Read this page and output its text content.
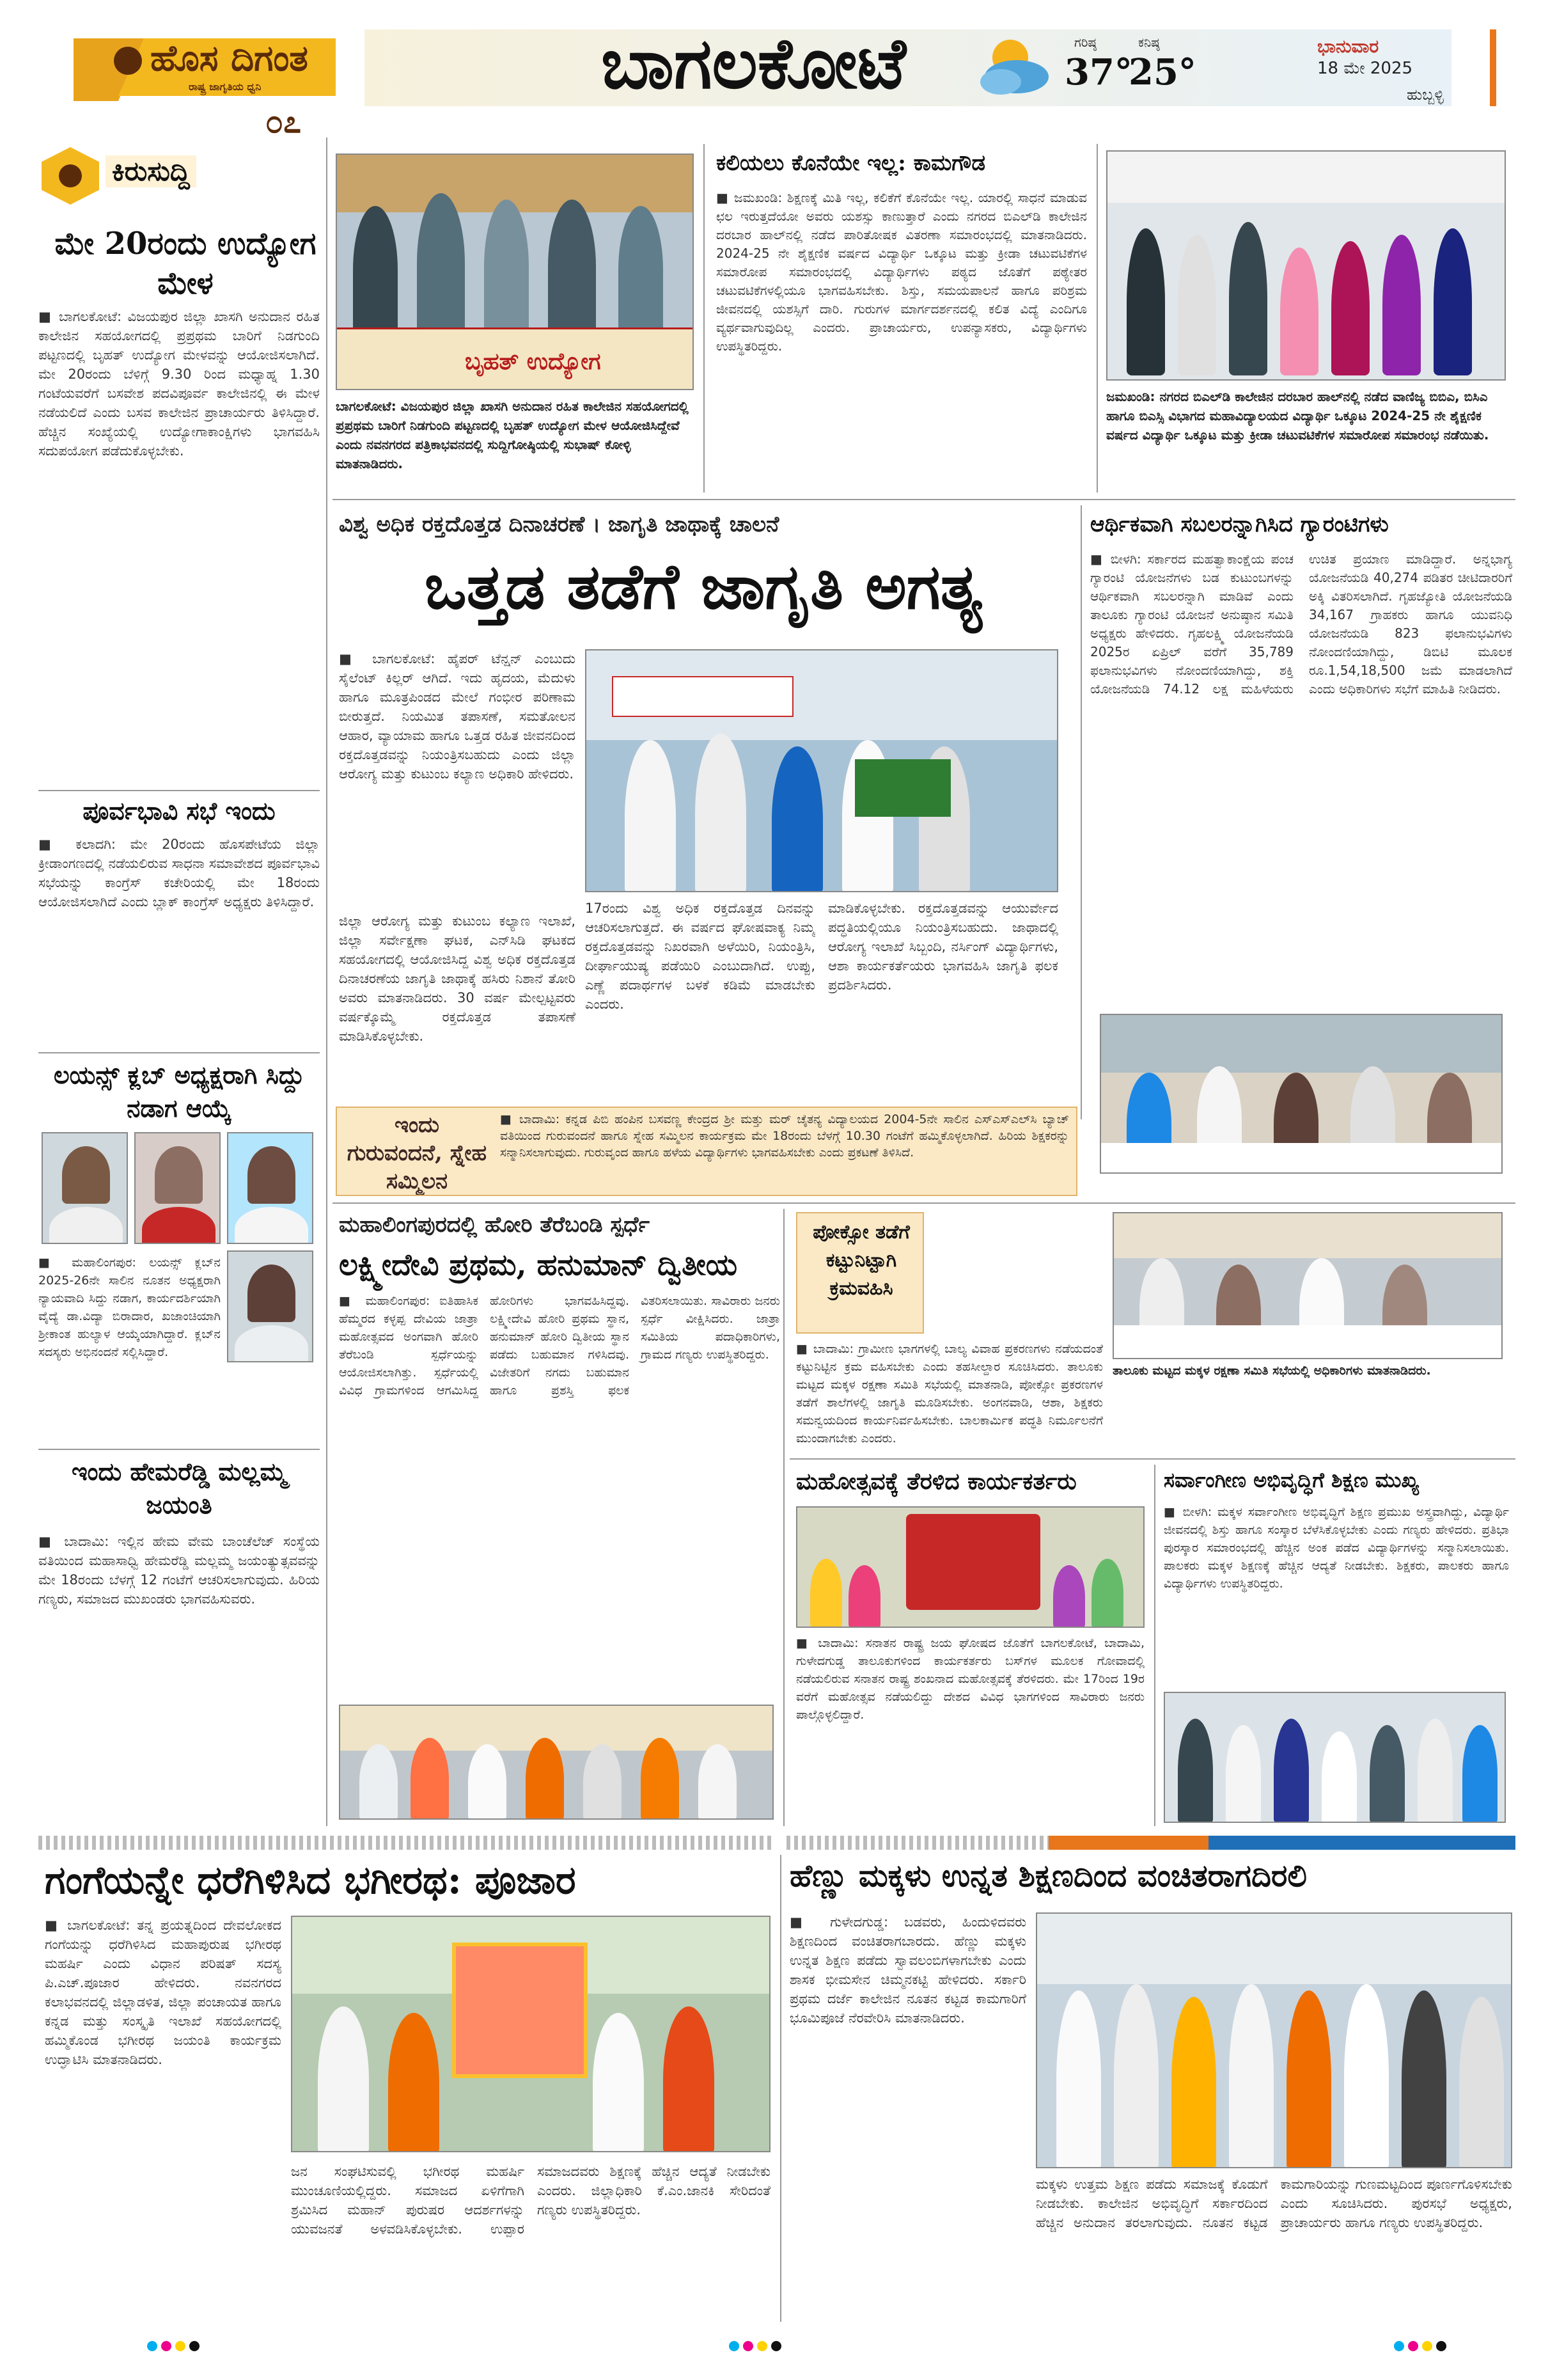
ಹೊಸ ದಿಗಂತ
ರಾಷ್ಟ್ರ ಜಾಗೃತಿಯ ಧ್ವನಿ
೦೭
ಬಾಗಲಕೋಟೆ	ಗರಿಷ್ಠ
37°
ಕನಿಷ್ಠ
25°
ಭಾನುವಾರ
18 ಮೇ 2025
ಹುಬ್ಬಳ್ಳಿ
ಕಿರುಸುದ್ದಿ
ಮೇ 20ರಂದು ಉದ್ಯೋಗ ಮೇಳ
■ ಬಾಗಲಕೋಟೆ: ವಿಜಯಪುರ ಜಿಲ್ಲಾ ಖಾಸಗಿ ಅನುದಾನ ರಹಿತ ಕಾಲೇಜಿನ ಸಹಯೋಗದಲ್ಲಿ ಪ್ರಪ್ರಥಮ ಬಾರಿಗೆ ನಿಡಗುಂದಿ ಪಟ್ಟಣದಲ್ಲಿ ಬೃಹತ್ ಉದ್ಯೋಗ ಮೇಳವನ್ನು ಆಯೋಜಿಸಲಾಗಿದೆ. ಮೇ 20ರಂದು ಬೆಳಿಗ್ಗೆ 9.30 ರಿಂದ ಮಧ್ಯಾಹ್ನ 1.30 ಗಂಟೆಯವರೆಗೆ ಬಸವೇಶ ಪದವಿಪೂರ್ವ ಕಾಲೇಜಿನಲ್ಲಿ ಈ ಮೇಳ ನಡೆಯಲಿದೆ ಎಂದು ಬಸವ ಕಾಲೇಜಿನ ಪ್ರಾಚಾರ್ಯರು ತಿಳಿಸಿದ್ದಾರೆ. ಹೆಚ್ಚಿನ ಸಂಖ್ಯೆಯಲ್ಲಿ ಉದ್ಯೋಗಾಕಾಂಕ್ಷಿಗಳು ಭಾಗವಹಿಸಿ ಸದುಪಯೋಗ ಪಡೆದುಕೊಳ್ಳಬೇಕು.
ಪೂರ್ವಭಾವಿ ಸಭೆ ಇಂದು
■ ಕಲಾದಗಿ: ಮೇ 20ರಂದು ಹೊಸಪೇಟೆಯ ಜಿಲ್ಲಾ ಕ್ರೀಡಾಂಗಣದಲ್ಲಿ ನಡೆಯಲಿರುವ ಸಾಧನಾ ಸಮಾವೇಶದ ಪೂರ್ವಭಾವಿ ಸಭೆಯನ್ನು ಕಾಂಗ್ರೆಸ್ ಕಚೇರಿಯಲ್ಲಿ ಮೇ 18ರಂದು ಆಯೋಜಿಸಲಾಗಿದೆ ಎಂದು ಬ್ಲಾಕ್ ಕಾಂಗ್ರೆಸ್ ಅಧ್ಯಕ್ಷರು ತಿಳಿಸಿದ್ದಾರೆ.
ಲಯನ್ಸ್ ಕ್ಲಬ್ ಅಧ್ಯಕ್ಷರಾಗಿ ಸಿದ್ದು ನಡಾಗ ಆಯ್ಕೆ
■ ಮಹಾಲಿಂಗಪುರ: ಲಯನ್ಸ್ ಕ್ಲಬ್‌ನ 2025-26ನೇ ಸಾಲಿನ ನೂತನ ಅಧ್ಯಕ್ಷರಾಗಿ ನ್ಯಾಯವಾದಿ ಸಿದ್ದು ನಡಾಗ, ಕಾರ್ಯದರ್ಶಿಯಾಗಿ ವೈದ್ಯೆ ಡಾ.ವಿದ್ಯಾ ಬಿರಾದಾರ, ಖಜಾಂಚಿಯಾಗಿ ಶ್ರೀಕಾಂತ ಹುಲ್ಯಾಳ ಆಯ್ಕೆಯಾಗಿದ್ದಾರೆ. ಕ್ಲಬ್‌ನ ಸದಸ್ಯರು ಅಭಿನಂದನೆ ಸಲ್ಲಿಸಿದ್ದಾರೆ.
ಇಂದು ಹೇಮರೆಡ್ಡಿ ಮಲ್ಲಮ್ಮ ಜಯಂತಿ
■ ಬಾದಾಮಿ: ಇಲ್ಲಿನ ಹೇಮ ವೇಮ ಬಾಂಚೆಲೆಜ್ ಸಂಸ್ಥೆಯ ವತಿಯಿಂದ ಮಹಾಸಾಧ್ವಿ ಹೇಮರೆಡ್ಡಿ ಮಲ್ಲಮ್ಮ ಜಯಂತ್ಯುತ್ಸವವನ್ನು ಮೇ 18ರಂದು ಬೆಳಗ್ಗೆ 12 ಗಂಟೆಗೆ ಆಚರಿಸಲಾಗುವುದು. ಹಿರಿಯ ಗಣ್ಯರು, ಸಮಾಜದ ಮುಖಂಡರು ಭಾಗವಹಿಸುವರು.
ಬೃಹತ್ ಉದ್ಯೋಗ
ಬಾಗಲಕೋಟೆ: ವಿಜಯಪುರ ಜಿಲ್ಲಾ ಖಾಸಗಿ ಅನುದಾನ ರಹಿತ ಕಾಲೇಜಿನ ಸಹಯೋಗದಲ್ಲಿ ಪ್ರಪ್ರಥಮ ಬಾರಿಗೆ ನಿಡಗುಂದಿ ಪಟ್ಟಣದಲ್ಲಿ ಬೃಹತ್ ಉದ್ಯೋಗ ಮೇಳ ಆಯೋಜಿಸಿದ್ದೇವೆ ಎಂದು ನವನಗರದ ಪತ್ರಿಕಾಭವನದಲ್ಲಿ ಸುದ್ದಿಗೋಷ್ಠಿಯಲ್ಲಿ ಸುಭಾಷ್ ಕೋಳ್ಳಿ ಮಾತನಾಡಿದರು.
ಕಲಿಯಲು ಕೊನೆಯೇ ಇಲ್ಲ: ಕಾಮಗೌಡ
■ ಜಮಖಂಡಿ: ಶಿಕ್ಷಣಕ್ಕೆ ಮಿತಿ ಇಲ್ಲ, ಕಲಿಕೆಗೆ ಕೊನೆಯೇ ಇಲ್ಲ. ಯಾರಲ್ಲಿ ಸಾಧನೆ ಮಾಡುವ ಛಲ ಇರುತ್ತದೆಯೋ ಅವರು ಯಶಸ್ಸು ಕಾಣುತ್ತಾರೆ ಎಂದು ನಗರದ ಬಿಎಲ್‌ಡಿ ಕಾಲೇಜಿನ ದರಬಾರ ಹಾಲ್‌ನಲ್ಲಿ ನಡೆದ ಪಾರಿತೋಷಕ ವಿತರಣಾ ಸಮಾರಂಭದಲ್ಲಿ ಮಾತನಾಡಿದರು. 2024-25 ನೇ ಶೈಕ್ಷಣಿಕ ವರ್ಷದ ವಿದ್ಯಾರ್ಥಿ ಒಕ್ಕೂಟ ಮತ್ತು ಕ್ರೀಡಾ ಚಟುವಟಿಕೆಗಳ ಸಮಾರೋಪ ಸಮಾರಂಭದಲ್ಲಿ ವಿದ್ಯಾರ್ಥಿಗಳು ಪಠ್ಯದ ಜೊತೆಗೆ ಪಠ್ಯೇತರ ಚಟುವಟಿಕೆಗಳಲ್ಲಿಯೂ ಭಾಗವಹಿಸಬೇಕು. ಶಿಸ್ತು, ಸಮಯಪಾಲನೆ ಹಾಗೂ ಪರಿಶ್ರಮ ಜೀವನದಲ್ಲಿ ಯಶಸ್ಸಿಗೆ ದಾರಿ. ಗುರುಗಳ ಮಾರ್ಗದರ್ಶನದಲ್ಲಿ ಕಲಿತ ವಿದ್ಯೆ ಎಂದಿಗೂ ವ್ಯರ್ಥವಾಗುವುದಿಲ್ಲ ಎಂದರು. ಪ್ರಾಚಾರ್ಯರು, ಉಪನ್ಯಾಸಕರು, ವಿದ್ಯಾರ್ಥಿಗಳು ಉಪಸ್ಥಿತರಿದ್ದರು.
ಜಮಖಂಡಿ: ನಗರದ ಬಿಎಲ್‌ಡಿ ಕಾಲೇಜಿನ ದರಬಾರ ಹಾಲ್‌ನಲ್ಲಿ ನಡೆದ ವಾಣಿಜ್ಯ ಬಿಬಿಎ, ಬಿಸಿಎ ಹಾಗೂ ಬಿಎಸ್ಸಿ ವಿಭಾಗದ ಮಹಾವಿದ್ಯಾಲಯದ ವಿದ್ಯಾರ್ಥಿ ಒಕ್ಕೂಟ 2024-25 ನೇ ಶೈಕ್ಷಣಿಕ ವರ್ಷದ ವಿದ್ಯಾರ್ಥಿ ಒಕ್ಕೂಟ ಮತ್ತು ಕ್ರೀಡಾ ಚಟುವಟಿಕೆಗಳ ಸಮಾರೋಪ ಸಮಾರಂಭ ನಡೆಯಿತು.
ವಿಶ್ವ ಅಧಿಕ ರಕ್ತದೊತ್ತಡ ದಿನಾಚರಣೆ । ಜಾಗೃತಿ ಜಾಥಾಕ್ಕೆ ಚಾಲನೆ
ಒತ್ತಡ ತಡೆಗೆ ಜಾಗೃತಿ ಅಗತ್ಯ
■ ಬಾಗಲಕೋಟೆ: ಹೈಪರ್ ಟೆನ್ಷನ್ ಎಂಬುದು ಸೈಲೆಂಟ್ ಕಿಲ್ಲರ್ ಆಗಿದೆ. ಇದು ಹೃದಯ, ಮೆದುಳು ಹಾಗೂ ಮೂತ್ರಪಿಂಡದ ಮೇಲೆ ಗಂಭೀರ ಪರಿಣಾಮ ಬೀರುತ್ತದೆ. ನಿಯಮಿತ ತಪಾಸಣೆ, ಸಮತೋಲನ ಆಹಾರ, ವ್ಯಾಯಾಮ ಹಾಗೂ ಒತ್ತಡ ರಹಿತ ಜೀವನದಿಂದ ರಕ್ತದೊತ್ತಡವನ್ನು ನಿಯಂತ್ರಿಸಬಹುದು ಎಂದು ಜಿಲ್ಲಾ ಆರೋಗ್ಯ ಮತ್ತು ಕುಟುಂಬ ಕಲ್ಯಾಣ ಅಧಿಕಾರಿ ಹೇಳಿದರು.
ಜಿಲ್ಲಾ ಆರೋಗ್ಯ ಮತ್ತು ಕುಟುಂಬ ಕಲ್ಯಾಣ ಇಲಾಖೆ, ಜಿಲ್ಲಾ ಸರ್ವೇಕ್ಷಣಾ ಘಟಕ, ಎನ್‌ಸಿಡಿ ಘಟಕದ ಸಹಯೋಗದಲ್ಲಿ ಆಯೋಜಿಸಿದ್ದ ವಿಶ್ವ ಅಧಿಕ ರಕ್ತದೊತ್ತಡ ದಿನಾಚರಣೆಯ ಜಾಗೃತಿ ಜಾಥಾಕ್ಕೆ ಹಸಿರು ನಿಶಾನೆ ತೋರಿ ಅವರು ಮಾತನಾಡಿದರು. 30 ವರ್ಷ ಮೇಲ್ಪಟ್ಟವರು ವರ್ಷಕ್ಕೊಮ್ಮೆ ರಕ್ತದೊತ್ತಡ ತಪಾಸಣೆ ಮಾಡಿಸಿಕೊಳ್ಳಬೇಕು.
17ರಂದು ವಿಶ್ವ ಅಧಿಕ ರಕ್ತದೊತ್ತಡ ದಿನವನ್ನು ಆಚರಿಸಲಾಗುತ್ತದೆ. ಈ ವರ್ಷದ ಘೋಷವಾಕ್ಯ ನಿಮ್ಮ ರಕ್ತದೊತ್ತಡವನ್ನು ನಿಖರವಾಗಿ ಅಳೆಯಿರಿ, ನಿಯಂತ್ರಿಸಿ, ದೀರ್ಘಾಯುಷ್ಯ ಪಡೆಯಿರಿ ಎಂಬುದಾಗಿದೆ. ಉಪ್ಪು, ಎಣ್ಣೆ ಪದಾರ್ಥಗಳ ಬಳಕೆ ಕಡಿಮೆ ಮಾಡಬೇಕು ಎಂದರು.
ಮಾಡಿಕೊಳ್ಳಬೇಕು. ರಕ್ತದೊತ್ತಡವನ್ನು ಆಯುರ್ವೇದ ಪದ್ಧತಿಯಲ್ಲಿಯೂ ನಿಯಂತ್ರಿಸಬಹುದು. ಜಾಥಾದಲ್ಲಿ ಆರೋಗ್ಯ ಇಲಾಖೆ ಸಿಬ್ಬಂದಿ, ನರ್ಸಿಂಗ್ ವಿದ್ಯಾರ್ಥಿಗಳು, ಆಶಾ ಕಾರ್ಯಕರ್ತೆಯರು ಭಾಗವಹಿಸಿ ಜಾಗೃತಿ ಫಲಕ ಪ್ರದರ್ಶಿಸಿದರು.
ಆರ್ಥಿಕವಾಗಿ ಸಬಲರನ್ನಾಗಿಸಿದ ಗ್ಯಾರಂಟಿಗಳು
■ ಬೀಳಗಿ: ಸರ್ಕಾರದ ಮಹತ್ವಾಕಾಂಕ್ಷೆಯ ಪಂಚ ಗ್ಯಾರಂಟಿ ಯೋಜನೆಗಳು ಬಡ ಕುಟುಂಬಗಳನ್ನು ಆರ್ಥಿಕವಾಗಿ ಸಬಲರನ್ನಾಗಿ ಮಾಡಿವೆ ಎಂದು ತಾಲೂಕು ಗ್ಯಾರಂಟಿ ಯೋಜನೆ ಅನುಷ್ಠಾನ ಸಮಿತಿ ಅಧ್ಯಕ್ಷರು ಹೇಳಿದರು. ಗೃಹಲಕ್ಷ್ಮಿ ಯೋಜನೆಯಡಿ 2025ರ ಏಪ್ರಿಲ್ ವರೆಗೆ 35,789 ಫಲಾನುಭವಿಗಳು ನೋಂದಣಿಯಾಗಿದ್ದು, ಶಕ್ತಿ ಯೋಜನೆಯಡಿ 74.12 ಲಕ್ಷ ಮಹಿಳೆಯರು ಉಚಿತ ಪ್ರಯಾಣ ಮಾಡಿದ್ದಾರೆ. ಅನ್ನಭಾಗ್ಯ ಯೋಜನೆಯಡಿ 40,274 ಪಡಿತರ ಚೀಟಿದಾರರಿಗೆ ಅಕ್ಕಿ ವಿತರಿಸಲಾಗಿದೆ. ಗೃಹಜ್ಯೋತಿ ಯೋಜನೆಯಡಿ 34,167 ಗ್ರಾಹಕರು ಹಾಗೂ ಯುವನಿಧಿ ಯೋಜನೆಯಡಿ 823 ಫಲಾನುಭವಿಗಳು ನೋಂದಣಿಯಾಗಿದ್ದು, ಡಿಬಿಟಿ ಮೂಲಕ ರೂ.1,54,18,500 ಜಮೆ ಮಾಡಲಾಗಿದೆ ಎಂದು ಅಧಿಕಾರಿಗಳು ಸಭೆಗೆ ಮಾಹಿತಿ ನೀಡಿದರು.
ಇಂದು ಗುರುವಂದನೆ, ಸ್ನೇಹ ಸಮ್ಮಿಲನ
■ ಬಾದಾಮಿ: ಕನ್ನಡ ಪಿಬಿ ಹಂಪಿನ ಬಸವಣ್ಣ ಕೇಂದ್ರದ ಶ್ರೀ ಮತ್ತು ಮರ್ ಚೈತನ್ಯ ವಿದ್ಯಾಲಯದ 2004-5ನೇ ಸಾಲಿನ ಎಸ್ಎಸ್ಎಲ್‌ಸಿ ಬ್ಯಾಚ್ ವತಿಯಿಂದ ಗುರುವಂದನೆ ಹಾಗೂ ಸ್ನೇಹ ಸಮ್ಮಿಲನ ಕಾರ್ಯಕ್ರಮ ಮೇ 18ರಂದು ಬೆಳಗ್ಗೆ 10.30 ಗಂಟೆಗೆ ಹಮ್ಮಿಕೊಳ್ಳಲಾಗಿದೆ. ಹಿರಿಯ ಶಿಕ್ಷಕರನ್ನು ಸನ್ಮಾನಿಸಲಾಗುವುದು. ಗುರುವೃಂದ ಹಾಗೂ ಹಳೆಯ ವಿದ್ಯಾರ್ಥಿಗಳು ಭಾಗವಹಿಸಬೇಕು ಎಂದು ಪ್ರಕಟಣೆ ತಿಳಿಸಿದೆ.
ಮಹಾಲಿಂಗಪುರದಲ್ಲಿ ಹೋರಿ ತೆರೆಬಂಡಿ ಸ್ಪರ್ಧೆ
ಲಕ್ಷ್ಮೀದೇವಿ ಪ್ರಥಮ, ಹನುಮಾನ್ ದ್ವಿತೀಯ
■ ಮಹಾಲಿಂಗಪುರ: ಐತಿಹಾಸಿಕ ಹೆಮ್ಮರದ ಕಳ್ಳಪ್ಪ ದೇವಿಯ ಜಾತ್ರಾ ಮಹೋತ್ಸವದ ಅಂಗವಾಗಿ ಹೋರಿ ತೆರೆಬಂಡಿ ಸ್ಪರ್ಧೆಯನ್ನು ಆಯೋಜಿಸಲಾಗಿತ್ತು. ಸ್ಪರ್ಧೆಯಲ್ಲಿ ವಿವಿಧ ಗ್ರಾಮಗಳಿಂದ ಆಗಮಿಸಿದ್ದ ಹೋರಿಗಳು ಭಾಗವಹಿಸಿದ್ದವು. ಲಕ್ಷ್ಮೀದೇವಿ ಹೋರಿ ಪ್ರಥಮ ಸ್ಥಾನ, ಹನುಮಾನ್ ಹೋರಿ ದ್ವಿತೀಯ ಸ್ಥಾನ ಪಡೆದು ಬಹುಮಾನ ಗಳಿಸಿದವು. ವಿಜೇತರಿಗೆ ನಗದು ಬಹುಮಾನ ಹಾಗೂ ಪ್ರಶಸ್ತಿ ಫಲಕ ವಿತರಿಸಲಾಯಿತು. ಸಾವಿರಾರು ಜನರು ಸ್ಪರ್ಧೆ ವೀಕ್ಷಿಸಿದರು. ಜಾತ್ರಾ ಸಮಿತಿಯ ಪದಾಧಿಕಾರಿಗಳು, ಗ್ರಾಮದ ಗಣ್ಯರು ಉಪಸ್ಥಿತರಿದ್ದರು.
ಪೋಕ್ಸೋ ತಡೆಗೆ ಕಟ್ಟುನಿಟ್ಟಾಗಿ ಕ್ರಮವಹಿಸಿ
■ ಬಾದಾಮಿ: ಗ್ರಾಮೀಣ ಭಾಗಗಳಲ್ಲಿ ಬಾಲ್ಯ ವಿವಾಹ ಪ್ರಕರಣಗಳು ನಡೆಯದಂತೆ ಕಟ್ಟುನಿಟ್ಟಿನ ಕ್ರಮ ವಹಿಸಬೇಕು ಎಂದು ತಹಸೀಲ್ದಾರ ಸೂಚಿಸಿದರು. ತಾಲೂಕು ಮಟ್ಟದ ಮಕ್ಕಳ ರಕ್ಷಣಾ ಸಮಿತಿ ಸಭೆಯಲ್ಲಿ ಮಾತನಾಡಿ, ಪೋಕ್ಸೋ ಪ್ರಕರಣಗಳ ತಡೆಗೆ ಶಾಲೆಗಳಲ್ಲಿ ಜಾಗೃತಿ ಮೂಡಿಸಬೇಕು. ಅಂಗನವಾಡಿ, ಆಶಾ, ಶಿಕ್ಷಕರು ಸಮನ್ವಯದಿಂದ ಕಾರ್ಯನಿರ್ವಹಿಸಬೇಕು. ಬಾಲಕಾರ್ಮಿಕ ಪದ್ಧತಿ ನಿರ್ಮೂಲನೆಗೆ ಮುಂದಾಗಬೇಕು ಎಂದರು.
ತಾಲೂಕು ಮಟ್ಟದ ಮಕ್ಕಳ ರಕ್ಷಣಾ ಸಮಿತಿ ಸಭೆಯಲ್ಲಿ ಅಧಿಕಾರಿಗಳು ಮಾತನಾಡಿದರು.
ಮಹೋತ್ಸವಕ್ಕೆ ತೆರಳಿದ ಕಾರ್ಯಕರ್ತರು
■ ಬಾದಾಮಿ: ಸನಾತನ ರಾಷ್ಟ್ರ ಜಯ ಘೋಷದ ಜೊತೆಗೆ ಬಾಗಲಕೋಟೆ, ಬಾದಾಮಿ, ಗುಳೇದಗುಡ್ಡ ತಾಲೂಕುಗಳಿಂದ ಕಾರ್ಯಕರ್ತರು ಬಸ್‌ಗಳ ಮೂಲಕ ಗೋವಾದಲ್ಲಿ ನಡೆಯಲಿರುವ ಸನಾತನ ರಾಷ್ಟ್ರ ಶಂಖನಾದ ಮಹೋತ್ಸವಕ್ಕೆ ತೆರಳಿದರು. ಮೇ 17ರಿಂದ 19ರ ವರೆಗೆ ಮಹೋತ್ಸವ ನಡೆಯಲಿದ್ದು ದೇಶದ ವಿವಿಧ ಭಾಗಗಳಿಂದ ಸಾವಿರಾರು ಜನರು ಪಾಲ್ಗೊಳ್ಳಲಿದ್ದಾರೆ.
ಸರ್ವಾಂಗೀಣ ಅಭಿವೃದ್ಧಿಗೆ ಶಿಕ್ಷಣ ಮುಖ್ಯ
■ ಬೀಳಗಿ: ಮಕ್ಕಳ ಸರ್ವಾಂಗೀಣ ಅಭಿವೃದ್ಧಿಗೆ ಶಿಕ್ಷಣ ಪ್ರಮುಖ ಅಸ್ತ್ರವಾಗಿದ್ದು, ವಿದ್ಯಾರ್ಥಿ ಜೀವನದಲ್ಲಿ ಶಿಸ್ತು ಹಾಗೂ ಸಂಸ್ಕಾರ ಬೆಳೆಸಿಕೊಳ್ಳಬೇಕು ಎಂದು ಗಣ್ಯರು ಹೇಳಿದರು. ಪ್ರತಿಭಾ ಪುರಸ್ಕಾರ ಸಮಾರಂಭದಲ್ಲಿ ಹೆಚ್ಚಿನ ಅಂಕ ಪಡೆದ ವಿದ್ಯಾರ್ಥಿಗಳನ್ನು ಸನ್ಮಾನಿಸಲಾಯಿತು. ಪಾಲಕರು ಮಕ್ಕಳ ಶಿಕ್ಷಣಕ್ಕೆ ಹೆಚ್ಚಿನ ಆದ್ಯತೆ ನೀಡಬೇಕು. ಶಿಕ್ಷಕರು, ಪಾಲಕರು ಹಾಗೂ ವಿದ್ಯಾರ್ಥಿಗಳು ಉಪಸ್ಥಿತರಿದ್ದರು.
ಗಂಗೆಯನ್ನೇ ಧರೆಗಿಳಿಸಿದ ಭಗೀರಥ: ಪೂಜಾರ
■ ಬಾಗಲಕೋಟೆ: ತನ್ನ ಪ್ರಯತ್ನದಿಂದ ದೇವಲೋಕದ ಗಂಗೆಯನ್ನು ಧರೆಗಿಳಿಸಿದ ಮಹಾಪುರುಷ ಭಗೀರಥ ಮಹರ್ಷಿ ಎಂದು ವಿಧಾನ ಪರಿಷತ್ ಸದಸ್ಯ ಪಿ.ಎಚ್.ಪೂಜಾರ ಹೇಳಿದರು. ನವನಗರದ ಕಲಾಭವನದಲ್ಲಿ ಜಿಲ್ಲಾಡಳಿತ, ಜಿಲ್ಲಾ ಪಂಚಾಯತ ಹಾಗೂ ಕನ್ನಡ ಮತ್ತು ಸಂಸ್ಕೃತಿ ಇಲಾಖೆ ಸಹಯೋಗದಲ್ಲಿ ಹಮ್ಮಿಕೊಂಡ ಭಗೀರಥ ಜಯಂತಿ ಕಾರ್ಯಕ್ರಮ ಉದ್ಘಾಟಿಸಿ ಮಾತನಾಡಿದರು.
ಜನ ಸಂಘಟಿಸುವಲ್ಲಿ ಭಗೀರಥ ಮಹರ್ಷಿ ಮುಂಚೂಣಿಯಲ್ಲಿದ್ದರು. ಸಮಾಜದ ಏಳಿಗೆಗಾಗಿ ಶ್ರಮಿಸಿದ ಮಹಾನ್ ಪುರುಷರ ಆದರ್ಶಗಳನ್ನು ಯುವಜನತೆ ಅಳವಡಿಸಿಕೊಳ್ಳಬೇಕು. ಉಪ್ಪಾರ ಸಮಾಜದವರು ಶಿಕ್ಷಣಕ್ಕೆ ಹೆಚ್ಚಿನ ಆದ್ಯತೆ ನೀಡಬೇಕು ಎಂದರು. ಜಿಲ್ಲಾಧಿಕಾರಿ ಕೆ.ಎಂ.ಜಾನಕಿ ಸೇರಿದಂತೆ ಗಣ್ಯರು ಉಪಸ್ಥಿತರಿದ್ದರು.
ಹೆಣ್ಣು ಮಕ್ಕಳು ಉನ್ನತ ಶಿಕ್ಷಣದಿಂದ ವಂಚಿತರಾಗದಿರಲಿ
■ ಗುಳೇದಗುಡ್ಡ: ಬಡವರು, ಹಿಂದುಳಿದವರು ಶಿಕ್ಷಣದಿಂದ ವಂಚಿತರಾಗಬಾರದು. ಹೆಣ್ಣು ಮಕ್ಕಳು ಉನ್ನತ ಶಿಕ್ಷಣ ಪಡೆದು ಸ್ವಾವಲಂಬಿಗಳಾಗಬೇಕು ಎಂದು ಶಾಸಕ ಭೀಮಸೇನ ಚಿಮ್ಮನಕಟ್ಟಿ ಹೇಳಿದರು. ಸರ್ಕಾರಿ ಪ್ರಥಮ ದರ್ಜೆ ಕಾಲೇಜಿನ ನೂತನ ಕಟ್ಟಡ ಕಾಮಗಾರಿಗೆ ಭೂಮಿಪೂಜೆ ನೆರವೇರಿಸಿ ಮಾತನಾಡಿದರು.
ಮಕ್ಕಳು ಉತ್ತಮ ಶಿಕ್ಷಣ ಪಡೆದು ಸಮಾಜಕ್ಕೆ ಕೊಡುಗೆ ನೀಡಬೇಕು. ಕಾಲೇಜಿನ ಅಭಿವೃದ್ಧಿಗೆ ಸರ್ಕಾರದಿಂದ ಹೆಚ್ಚಿನ ಅನುದಾನ ತರಲಾಗುವುದು. ನೂತನ ಕಟ್ಟಡ ಕಾಮಗಾರಿಯನ್ನು ಗುಣಮಟ್ಟದಿಂದ ಪೂರ್ಣಗೊಳಿಸಬೇಕು ಎಂದು ಸೂಚಿಸಿದರು. ಪುರಸಭೆ ಅಧ್ಯಕ್ಷರು, ಪ್ರಾಚಾರ್ಯರು ಹಾಗೂ ಗಣ್ಯರು ಉಪಸ್ಥಿತರಿದ್ದರು.
